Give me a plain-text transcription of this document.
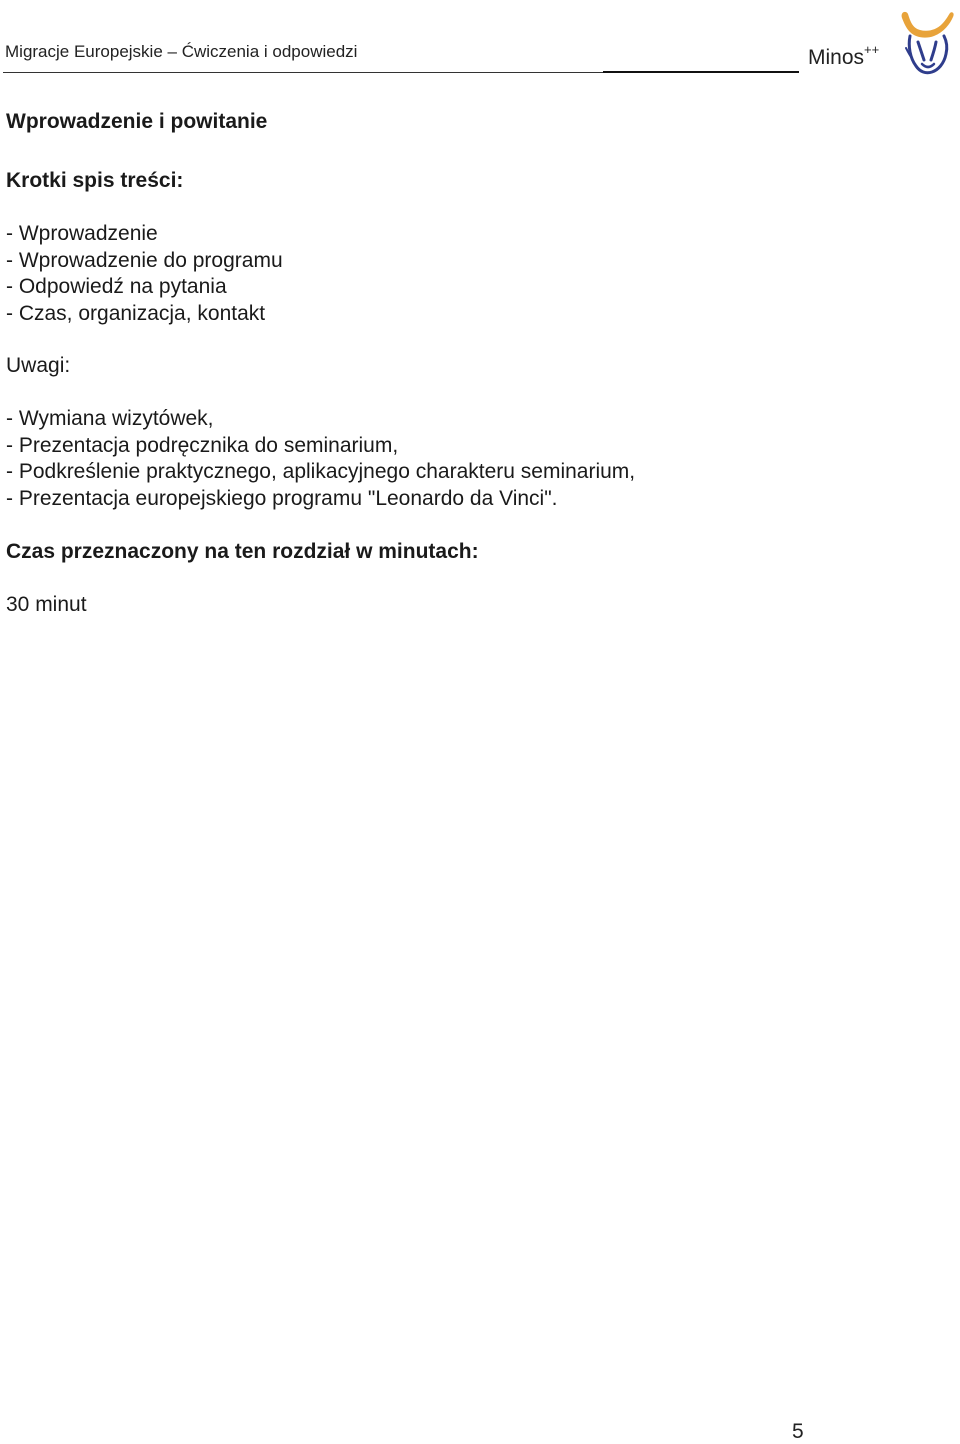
Migracje Europejskie – Ćwiczenia i odpowiedzi	Minos++
Wprowadzenie i powitanie
Krotki spis treści:
- Wprowadzenie
- Wprowadzenie do programu
- Odpowiedź na pytania
- Czas, organizacja, kontakt
Uwagi:
- Wymiana wizytówek,
- Prezentacja podręcznika do seminarium,
- Podkreślenie praktycznego, aplikacyjnego charakteru seminarium,
- Prezentacja europejskiego programu "Leonardo da Vinci".
Czas przeznaczony na ten rozdział w minutach:
30 minut
5
